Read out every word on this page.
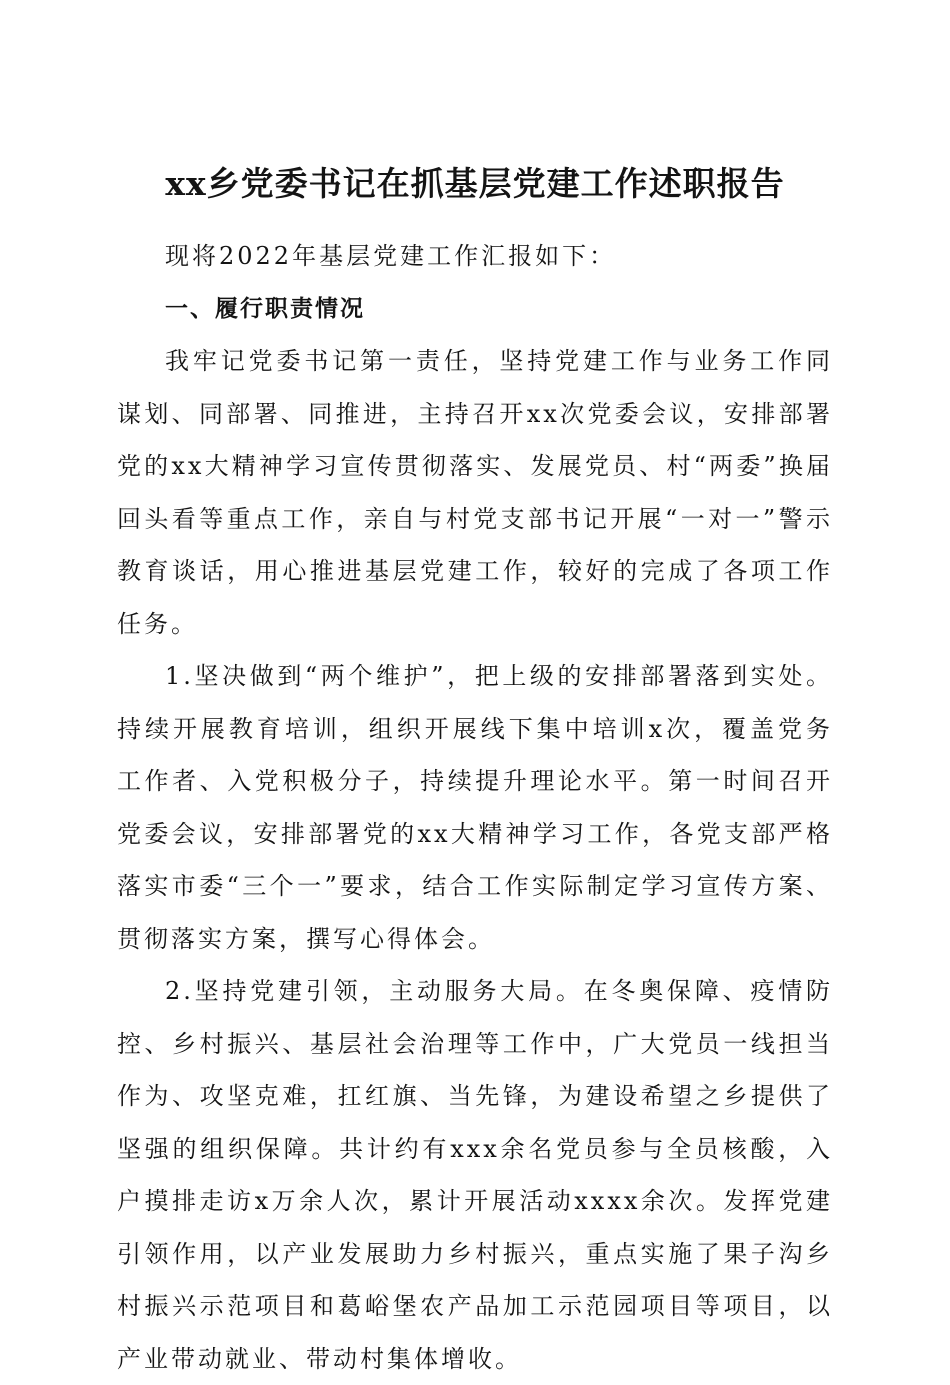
xx乡党委书记在抓基层党建工作述职报告

现将2022年基层党建工作汇报如下：

一、履行职责情况

我牢记党委书记第一责任，坚持党建工作与业务工作同谋划、同部署、同推进，主持召开xx次党委会议，安排部署党的xx大精神学习宣传贯彻落实、发展党员、村“两委”换届回头看等重点工作，亲自与村党支部书记开展“一对一”警示教育谈话，用心推进基层党建工作，较好的完成了各项工作任务。

1.坚决做到“两个维护”，把上级的安排部署落到实处。持续开展教育培训，组织开展线下集中培训x次，覆盖党务工作者、入党积极分子，持续提升理论水平。第一时间召开党委会议，安排部署党的xx大精神学习工作，各党支部严格落实市委“三个一”要求，结合工作实际制定学习宣传方案、贯彻落实方案，撰写心得体会。

2.坚持党建引领，主动服务大局。在冬奥保障、疫情防控、乡村振兴、基层社会治理等工作中，广大党员一线担当作为、攻坚克难，扛红旗、当先锋，为建设希望之乡提供了坚强的组织保障。共计约有xxx余名党员参与全员核酸，入户摸排走访x万余人次，累计开展活动xxxx余次。发挥党建引领作用，以产业发展助力乡村振兴，重点实施了果子沟乡村振兴示范项目和葛峪堡农产品加工示范园项目等项目，以产业带动就业、带动村集体增收。
